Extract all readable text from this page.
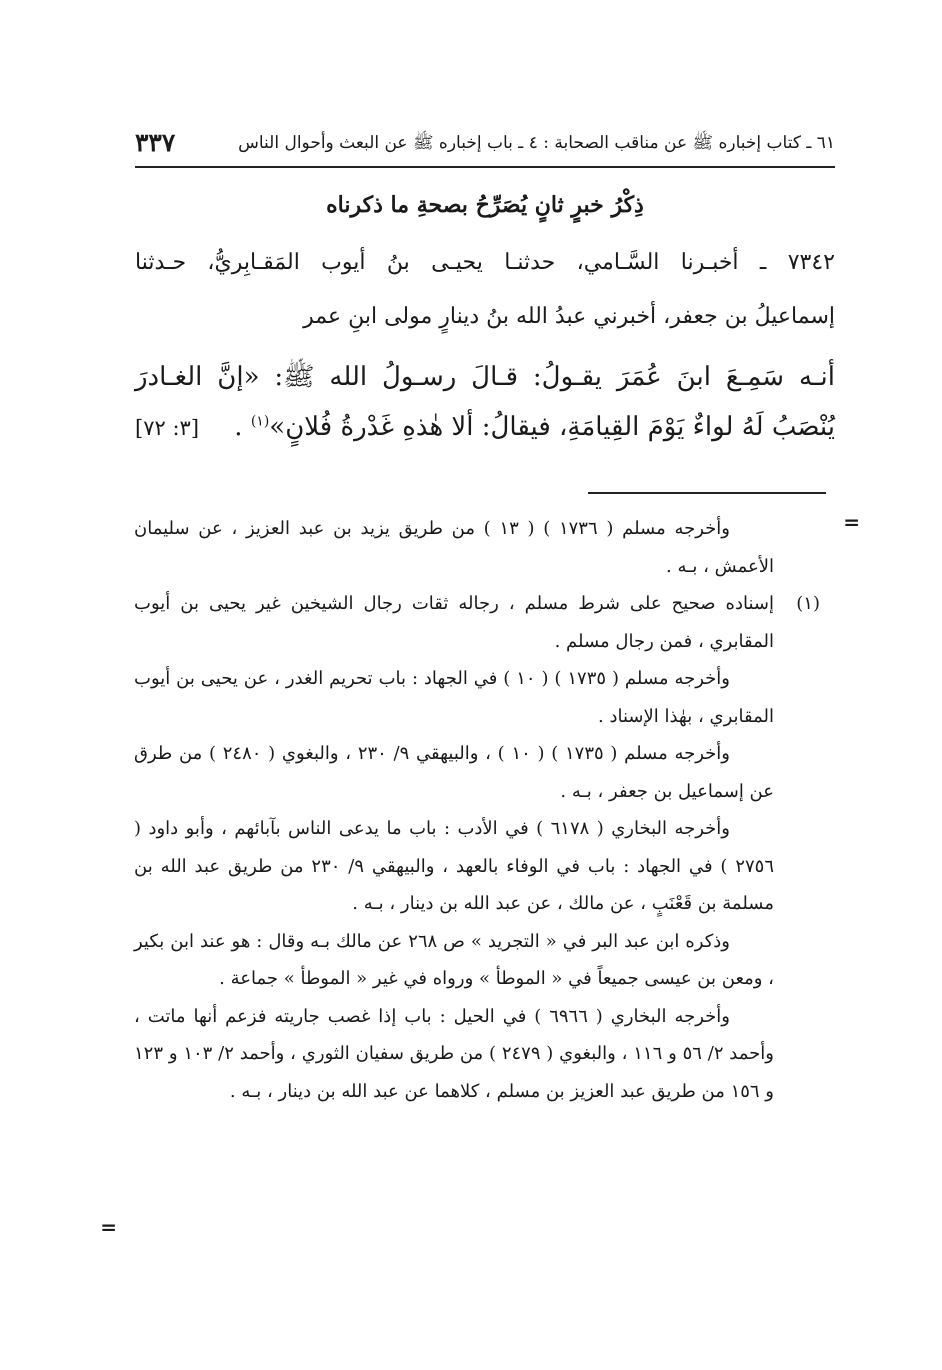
٦١ ـ كتاب إخباره ﷺ عن مناقب الصحابة : ٤ ـ باب إخباره ﷺ عن البعث وأحوال الناس
٣٣٧
ذِكْرُ خبرٍ ثانٍ يُصَرِّحُ بصحةِ ما ذكرناه
٧٣٤٢ ـ أخبـرنا السَّـامي، حدثنـا يحيـى بنُ أيوب المَقـابِريُّ، حـدثنا
إسماعيلُ بن جعفر، أخبرني عبدُ الله بنُ دينارٍ مولى ابنِ عمر
أنـه سَمِـعَ ابنَ عُمَرَ يقـولُ: قـالَ رسـولُ الله ﷺ: «إنَّ الغـادرَ
يُنْصَبُ لَهُ لواءٌ يَوْمَ القِيامَةِ، فيقالُ: ألا هٰذهِ غَدْرةُ فُلانٍ»$^{(١)}$ .
[٣: ٧٢]
=
=

وأخرجه مسلم ( ١٧٣٦ ) ( ١٣ ) من طريق يزيد بن عبد العزيز ، عن سليمان الأعمش ، بـه .

(١)

إسناده صحيح على شرط مسلم ، رجاله ثقات رجال الشيخين غير يحيى بن أيوب المقابري ، فمن رجال مسلم .

وأخرجه مسلم ( ١٧٣٥ ) ( ١٠ ) في الجهاد : باب تحريم الغدر ، عن يحيى بن أيوب المقابري ، بهٰذا الإسناد .

وأخرجه مسلم ( ١٧٣٥ ) ( ١٠ ) ، والبيهقي ٩/ ٢٣٠ ، والبغوي ( ٢٤٨٠ ) من طرق عن إسماعيل بن جعفر ، بـه .

وأخرجه البخاري ( ٦١٧٨ ) في الأدب : باب ما يدعى الناس بآبائهم ، وأبو داود ( ٢٧٥٦ ) في الجهاد : باب في الوفاء بالعهد ، والبيهقي ٩/ ٢٣٠ من طريق عبد الله بن مسلمة بن قَعْنَبٍ ، عن مالك ، عن عبد الله بن دينار ، بـه .

وذكره ابن عبد البر في « التجريد » ص ٢٦٨ عن مالك بـه وقال : هو عند ابن بكير ، ومعن بن عيسى جميعاً في « الموطأ » ورواه في غير « الموطأ » جماعة .

وأخرجه البخاري ( ٦٩٦٦ ) في الحيل : باب إذا غصب جاريته فزعم أنها ماتت ، وأحمد ٢/ ٥٦ و ١١٦ ، والبغوي ( ٢٤٧٩ ) من طريق سفيان الثوري ، وأحمد ٢/ ١٠٣ و ١٢٣ و ١٥٦ من طريق عبد العزيز بن مسلم ، كلاهما عن عبد الله بن دينار ، بـه .
